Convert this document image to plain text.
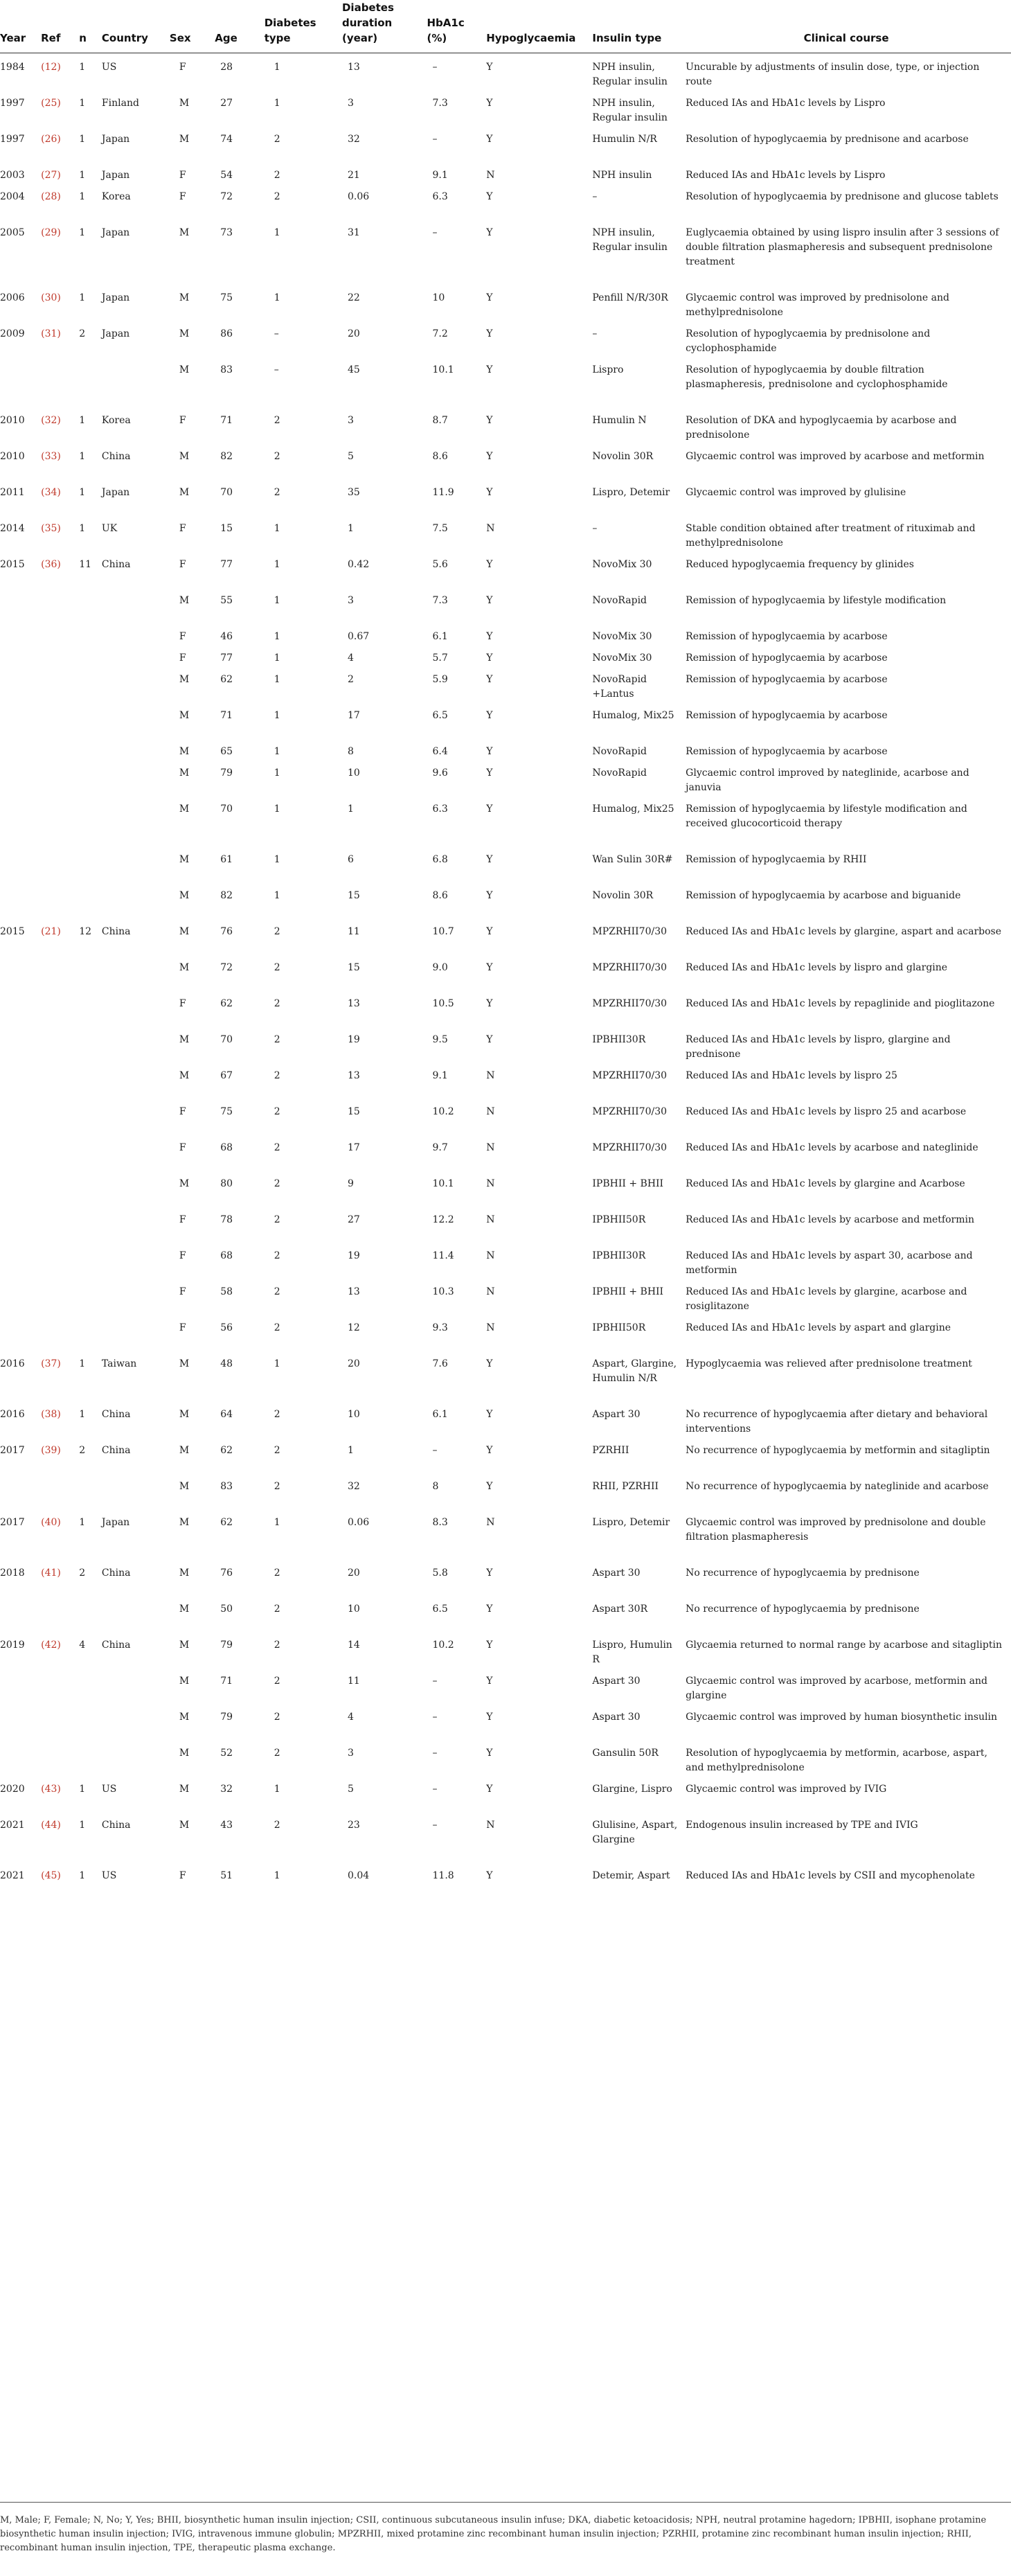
Year	Ref	n	Country	Sex	Age	Diabetes type	Diabetes duration (year)	HbA1c (%)	Hypoglycaemia	Insulin type	Clinical course
1984	(12)	1	US	F	28	1	13	–	Y	NPH insulin, Regular insulin	Uncurable by adjustments of insulin dose, type, or injection route
1997	(25)	1	Finland	M	27	1	3	7.3	Y	NPH insulin, Regular insulin	Reduced IAs and HbA1c levels by Lispro
1997	(26)	1	Japan	M	74	2	32	–	Y	Humulin N/R	Resolution of hypoglycaemia by prednisone and acarbose
2003	(27)	1	Japan	F	54	2	21	9.1	N	NPH insulin	Reduced IAs and HbA1c levels by Lispro
2004	(28)	1	Korea	F	72	2	0.06	6.3	Y	–	Resolution of hypoglycaemia by prednisone and glucose tablets
2005	(29)	1	Japan	M	73	1	31	–	Y	NPH insulin, Regular insulin	Euglycaemia obtained by using lispro insulin after 3 sessions of double filtration plasmapheresis and subsequent prednisolone treatment
2006	(30)	1	Japan	M	75	1	22	10	Y	Penfill N/R/30R	Glycaemic control was improved by prednisolone and methylprednisolone
2009	(31)	2	Japan	M	86	–	20	7.2	Y	–	Resolution of hypoglycaemia by prednisolone and cyclophosphamide
				M	83	–	45	10.1	Y	Lispro	Resolution of hypoglycaemia by double filtration plasmapheresis, prednisolone and cyclophosphamide
2010	(32)	1	Korea	F	71	2	3	8.7	Y	Humulin N	Resolution of DKA and hypoglycaemia by acarbose and prednisolone
2010	(33)	1	China	M	82	2	5	8.6	Y	Novolin 30R	Glycaemic control was improved by acarbose and metformin
2011	(34)	1	Japan	M	70	2	35	11.9	Y	Lispro, Detemir	Glycaemic control was improved by glulisine
2014	(35)	1	UK	F	15	1	1	7.5	N	–	Stable condition obtained after treatment of rituximab and methylprednisolone
2015	(36)	11	China	F	77	1	0.42	5.6	Y	NovoMix 30	Reduced hypoglycaemia frequency by glinides
				M	55	1	3	7.3	Y	NovoRapid	Remission of hypoglycaemia by lifestyle modification
				F	46	1	0.67	6.1	Y	NovoMix 30	Remission of hypoglycaemia by acarbose
				F	77	1	4	5.7	Y	NovoMix 30	Remission of hypoglycaemia by acarbose
				M	62	1	2	5.9	Y	NovoRapid +Lantus	Remission of hypoglycaemia by acarbose
				M	71	1	17	6.5	Y	Humalog, Mix25	Remission of hypoglycaemia by acarbose
				M	65	1	8	6.4	Y	NovoRapid	Remission of hypoglycaemia by acarbose
				M	79	1	10	9.6	Y	NovoRapid	Glycaemic control improved by nateglinide, acarbose and januvia
				M	70	1	1	6.3	Y	Humalog, Mix25	Remission of hypoglycaemia by lifestyle modification and received glucocorticoid therapy
				M	61	1	6	6.8	Y	Wan Sulin 30R#	Remission of hypoglycaemia by RHII
				M	82	1	15	8.6	Y	Novolin 30R	Remission of hypoglycaemia by acarbose and biguanide
2015	(21)	12	China	M	76	2	11	10.7	Y	MPZRHII70/30	Reduced IAs and HbA1c levels by glargine, aspart and acarbose
				M	72	2	15	9.0	Y	MPZRHII70/30	Reduced IAs and HbA1c levels by lispro and glargine
				F	62	2	13	10.5	Y	MPZRHII70/30	Reduced IAs and HbA1c levels by repaglinide and pioglitazone
				M	70	2	19	9.5	Y	IPBHII30R	Reduced IAs and HbA1c levels by lispro, glargine and prednisone
				M	67	2	13	9.1	N	MPZRHII70/30	Reduced IAs and HbA1c levels by lispro 25
				F	75	2	15	10.2	N	MPZRHII70/30	Reduced IAs and HbA1c levels by lispro 25 and acarbose
				F	68	2	17	9.7	N	MPZRHII70/30	Reduced IAs and HbA1c levels by acarbose and nateglinide
				M	80	2	9	10.1	N	IPBHII + BHII	Reduced IAs and HbA1c levels by glargine and Acarbose
				F	78	2	27	12.2	N	IPBHII50R	Reduced IAs and HbA1c levels by acarbose and metformin
				F	68	2	19	11.4	N	IPBHII30R	Reduced IAs and HbA1c levels by aspart 30, acarbose and metformin
				F	58	2	13	10.3	N	IPBHII + BHII	Reduced IAs and HbA1c levels by glargine, acarbose and rosiglitazone
				F	56	2	12	9.3	N	IPBHII50R	Reduced IAs and HbA1c levels by aspart and glargine
2016	(37)	1	Taiwan	M	48	1	20	7.6	Y	Aspart, Glargine, Humulin N/R	Hypoglycaemia was relieved after prednisolone treatment
2016	(38)	1	China	M	64	2	10	6.1	Y	Aspart 30	No recurrence of hypoglycaemia after dietary and behavioral interventions
2017	(39)	2	China	M	62	2	1	–	Y	PZRHII	No recurrence of hypoglycaemia by metformin and sitagliptin
				M	83	2	32	8	Y	RHII, PZRHII	No recurrence of hypoglycaemia by nateglinide and acarbose
2017	(40)	1	Japan	M	62	1	0.06	8.3	N	Lispro, Detemir	Glycaemic control was improved by prednisolone and double filtration plasmapheresis
2018	(41)	2	China	M	76	2	20	5.8	Y	Aspart 30	No recurrence of hypoglycaemia by prednisone
				M	50	2	10	6.5	Y	Aspart 30R	No recurrence of hypoglycaemia by prednisone
2019	(42)	4	China	M	79	2	14	10.2	Y	Lispro, Humulin R	Glycaemia returned to normal range by acarbose and sitagliptin
				M	71	2	11	–	Y	Aspart 30	Glycaemic control was improved by acarbose, metformin and glargine
				M	79	2	4	–	Y	Aspart 30	Glycaemic control was improved by human biosynthetic insulin
				M	52	2	3	–	Y	Gansulin 50R	Resolution of hypoglycaemia by metformin, acarbose, aspart, and methylprednisolone
2020	(43)	1	US	M	32	1	5	–	Y	Glargine, Lispro	Glycaemic control was improved by IVIG
2021	(44)	1	China	M	43	2	23	–	N	Glulisine, Aspart, Glargine	Endogenous insulin increased by TPE and IVIG
2021	(45)	1	US	F	51	1	0.04	11.8	Y	Detemir, Aspart	Reduced IAs and HbA1c levels by CSII and mycophenolate
M, Male; F, Female; N, No; Y, Yes; BHII, biosynthetic human insulin injection; CSII, continuous subcutaneous insulin infuse; DKA, diabetic ketoacidosis; NPH, neutral protamine hagedorn; IPBHII, isophane protamine biosynthetic human insulin injection; IVIG, intravenous immune globulin; MPZRHII, mixed protamine zinc recombinant human insulin injection; PZRHII, protamine zinc recombinant human insulin injection; RHII, recombinant human insulin injection, TPE, therapeutic plasma exchange.
